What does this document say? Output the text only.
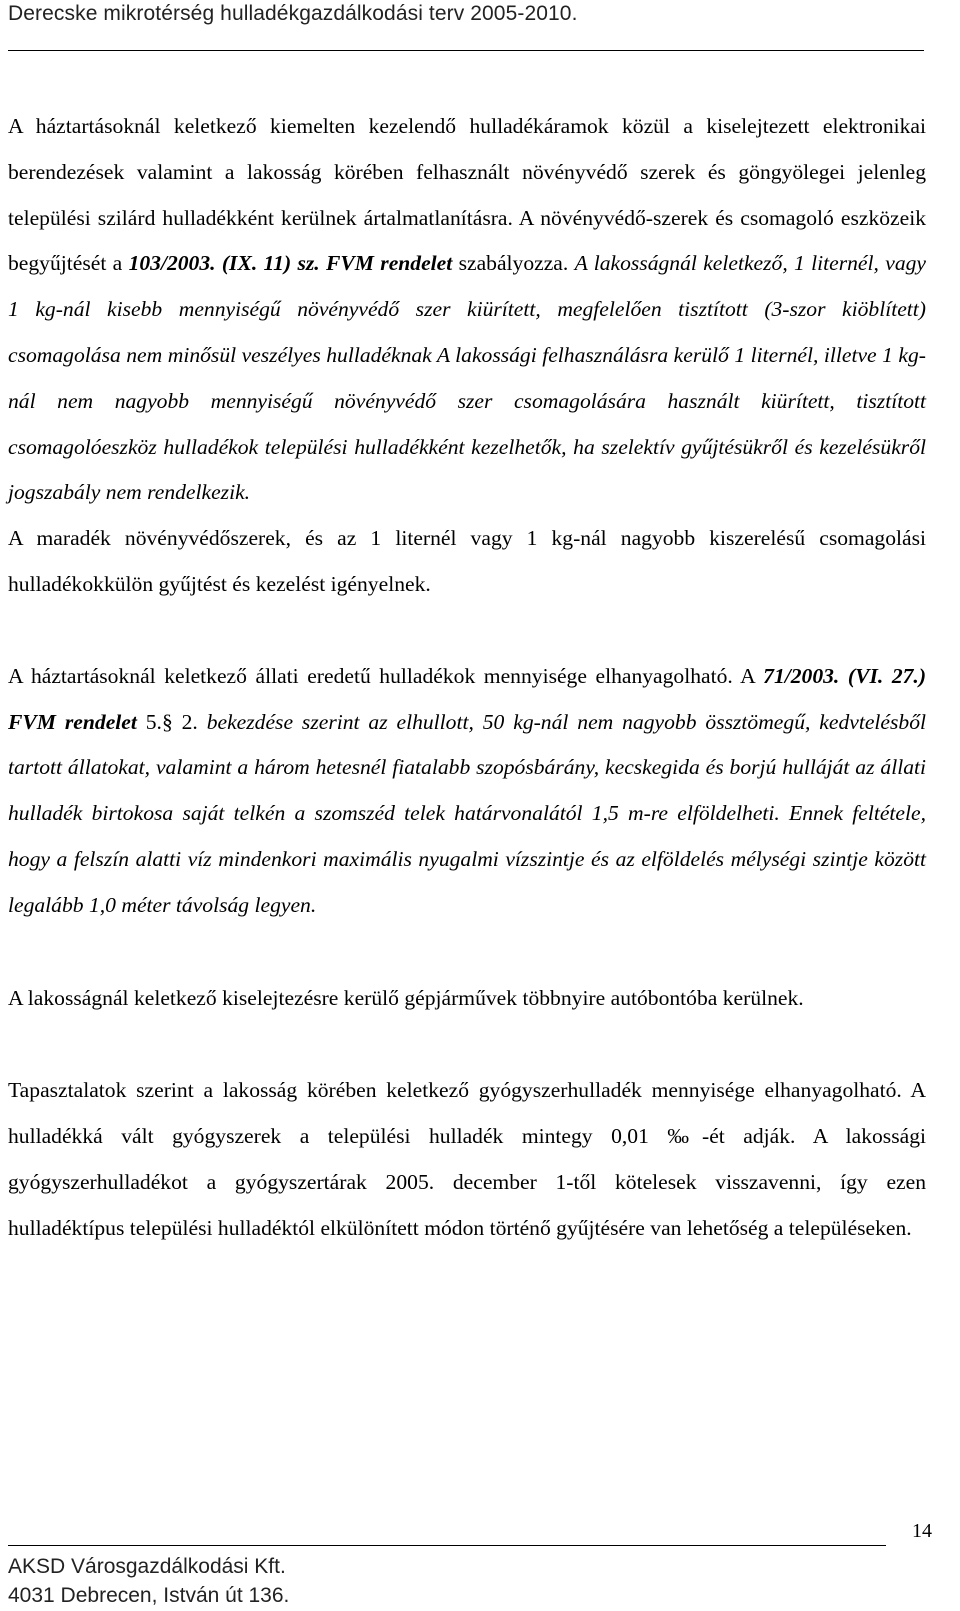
Derecske mikrotérség hulladékgazdálkodási terv 2005-2010.

A háztartásoknál keletkező kiemelten kezelendő hulladékáramok közül a kiselejtezett elektronikai berendezések valamint a lakosság körében felhasznált növényvédő szerek és göngyölegei jelenleg települési szilárd hulladékként kerülnek ártalmatlanításra. A növényvédő-szerek és csomagoló eszközeik begyűjtését a 103/2003. (IX. 11) sz. FVM rendelet szabályozza. A lakosságnál keletkező, 1 liternél, vagy 1 kg-nál kisebb mennyiségű növényvédő szer kiürített, megfelelően tisztított (3-szor kiöblített) csomagolása nem minősül veszélyes hulladéknak A lakossági felhasználásra kerülő 1 liternél, illetve 1 kg-nál nem nagyobb mennyiségű növényvédő szer csomagolására használt kiürített, tisztított csomagolóeszköz hulladékok települési hulladékként kezelhetők, ha szelektív gyűjtésükről és kezelésükről jogszabály nem rendelkezik.

A maradék növényvédőszerek, és az 1 liternél vagy 1 kg-nál nagyobb kiszerelésű csomagolási hulladékokkülön gyűjtést és kezelést igényelnek.

A háztartásoknál keletkező állati eredetű hulladékok mennyisége elhanyagolható. A 71/2003. (VI. 27.) FVM rendelet 5.§ 2. bekezdése szerint az elhullott, 50 kg-nál nem nagyobb össztömegű, kedvtelésből tartott állatokat, valamint a három hetesnél fiatalabb szopósbárány, kecskegida és borjú hulláját az állati hulladék birtokosa saját telkén a szomszéd telek határvonalától 1,5 m-re elföldelheti. Ennek feltétele, hogy a felszín alatti víz mindenkori maximális nyugalmi vízszintje és az elföldelés mélységi szintje között legalább 1,0 méter távolság legyen.

A lakosságnál keletkező kiselejtezésre kerülő gépjárművek többnyire autóbontóba kerülnek.

Tapasztalatok szerint a lakosság körében keletkező gyógyszerhulladék mennyisége elhanyagolható. A hulladékká vált gyógyszerek a települési hulladék mintegy 0,01 ‰-ét adják. A lakossági gyógyszerhulladékot a gyógyszertárak 2005. december 1-től kötelesek visszavenni, így ezen hulladéktípus települési hulladéktól elkülönített módon történő gyűjtésére van lehetőség a településeken.

14
AKSD Városgazdálkodási Kft.
4031 Debrecen, István út 136.
